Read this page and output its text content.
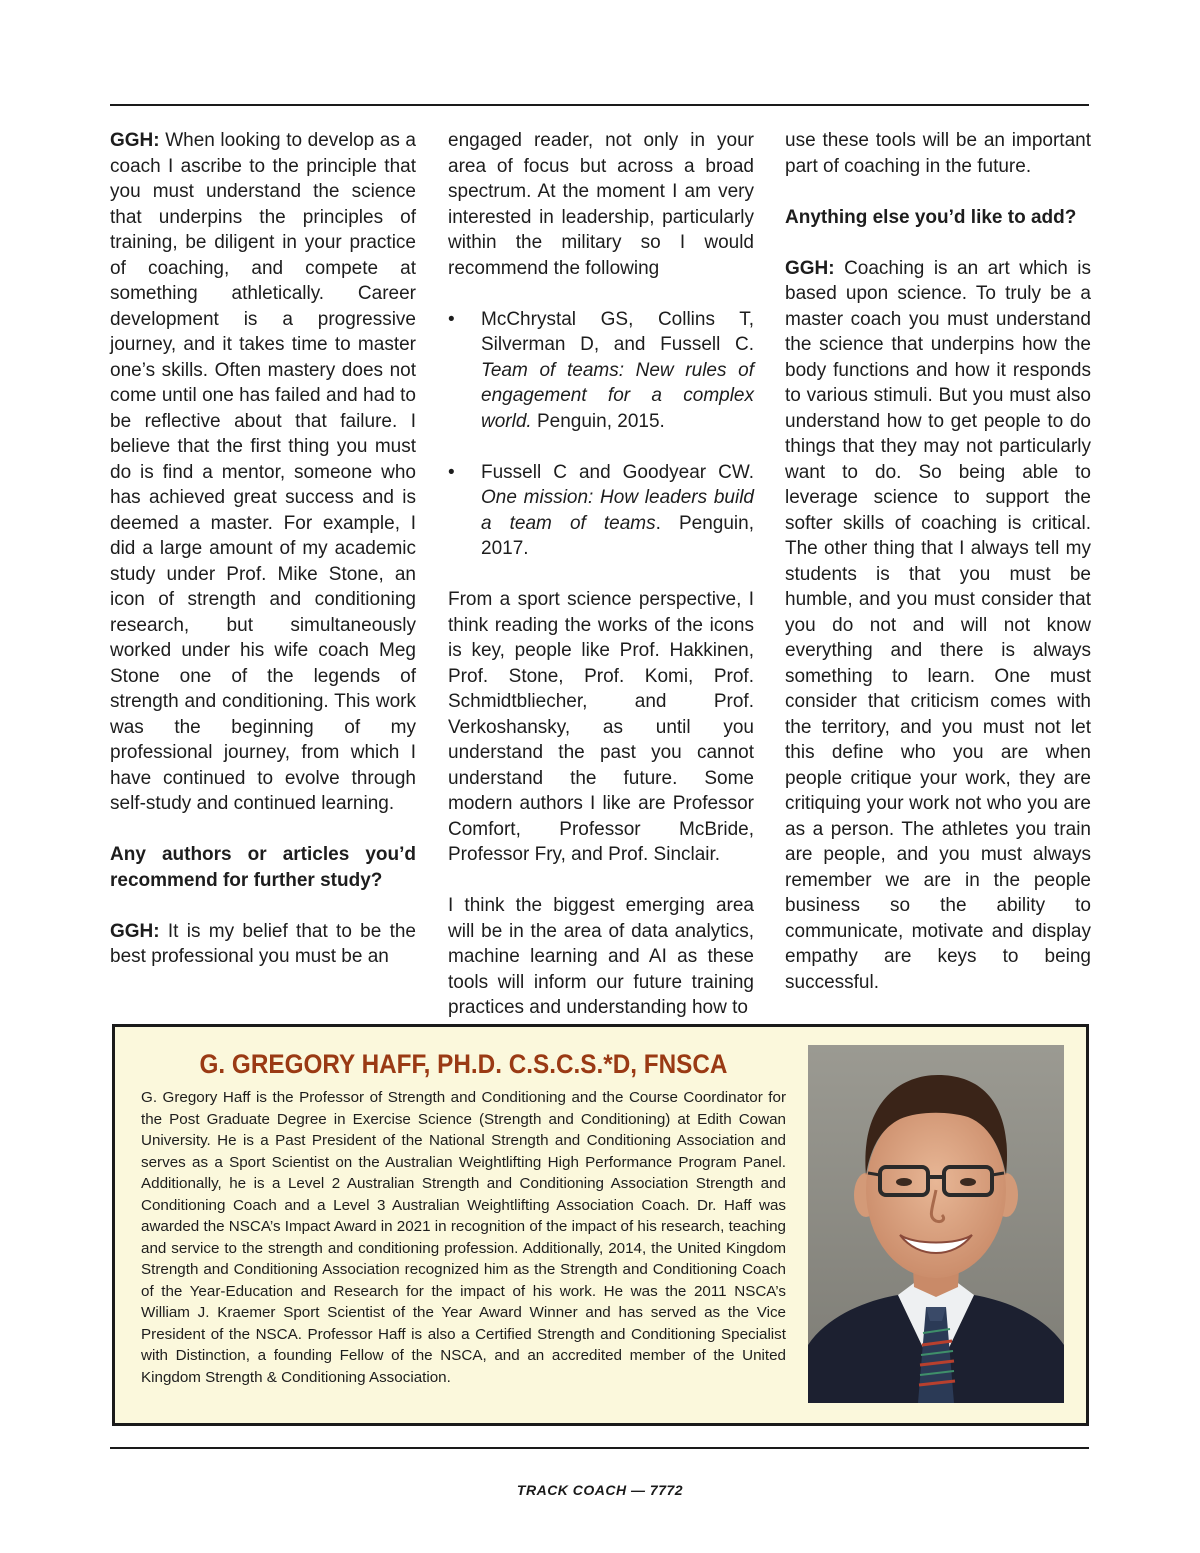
GGH: When looking to develop as a coach I ascribe to the principle that you must understand the science that underpins the principles of training, be diligent in your practice of coaching, and compete at something athletically. Career development is a progressive journey, and it takes time to master one’s skills. Often mastery does not come until one has failed and had to be reflective about that failure. I believe that the first thing you must do is find a mentor, someone who has achieved great success and is deemed a master. For example, I did a large amount of my academic study under Prof. Mike Stone, an icon of strength and conditioning research, but simultaneously worked under his wife coach Meg Stone one of the legends of strength and conditioning. This work was the beginning of my professional journey, from which I have continued to evolve through self-study and continued learning.

Any authors or articles you’d recommend for further study?

GGH: It is my belief that to be the best professional you must be an

engaged reader, not only in your area of focus but across a broad spectrum. At the moment I am very interested in leadership, particularly within the military so I would recommend the following

• McChrystal GS, Collins T, Silverman D, and Fussell C. Team of teams: New rules of engagement for a complex world. Penguin, 2015.
• Fussell C and Goodyear CW. One mission: How leaders build a team of teams. Penguin, 2017.

From a sport science perspective, I think reading the works of the icons is key, people like Prof. Hakkinen, Prof. Stone, Prof. Komi, Prof. Schmidtbliecher, and Prof. Verkoshansky, as until you understand the past you cannot understand the future. Some modern authors I like are Professor Comfort, Professor McBride, Professor Fry, and Prof. Sinclair.

I think the biggest emerging area will be in the area of data analytics, machine learning and AI as these tools will inform our future training practices and understanding how to

use these tools will be an important part of coaching in the future.

Anything else you’d like to add?

GGH: Coaching is an art which is based upon science. To truly be a master coach you must understand the science that underpins how the body functions and how it responds to various stimuli. But you must also understand how to get people to do things that they may not particularly want to do. So being able to leverage science to support the softer skills of coaching is critical. The other thing that I always tell my students is that you must be humble, and you must consider that you do not and will not know everything and there is always something to learn. One must consider that criticism comes with the territory, and you must not let this define who you are when people critique your work, they are critiquing your work not who you are as a person. The athletes you train are people, and you must always remember we are in the people business so the ability to communicate, motivate and display empathy are keys to being successful.

G. GREGORY HAFF, PH.D. C.S.C.S.*D, FNSCA

G. Gregory Haff is the Professor of Strength and Conditioning and the Course Coordinator for the Post Graduate Degree in Exercise Science (Strength and Conditioning) at Edith Cowan University. He is a Past President of the National Strength and Conditioning Association and serves as a Sport Scientist on the Australian Weightlifting High Performance Program Panel. Additionally, he is a Level 2 Australian Strength and Conditioning Association Strength and Conditioning Coach and a Level 3 Australian Weightlifting Association Coach. Dr. Haff was awarded the NSCA’s Impact Award in 2021 in recognition of the impact of his research, teaching and service to the strength and conditioning profession. Additionally, 2014, the United Kingdom Strength and Conditioning Association recognized him as the Strength and Conditioning Coach of the Year-Education and Research for the impact of his work. He was the 2011 NSCA’s William J. Kraemer Sport Scientist of the Year Award Winner and has served as the Vice President of the NSCA. Professor Haff is also a Certified Strength and Conditioning Specialist with Distinction, a founding Fellow of the NSCA, and an accredited member of the United Kingdom Strength & Conditioning Association.

TRACK COACH — 7772
